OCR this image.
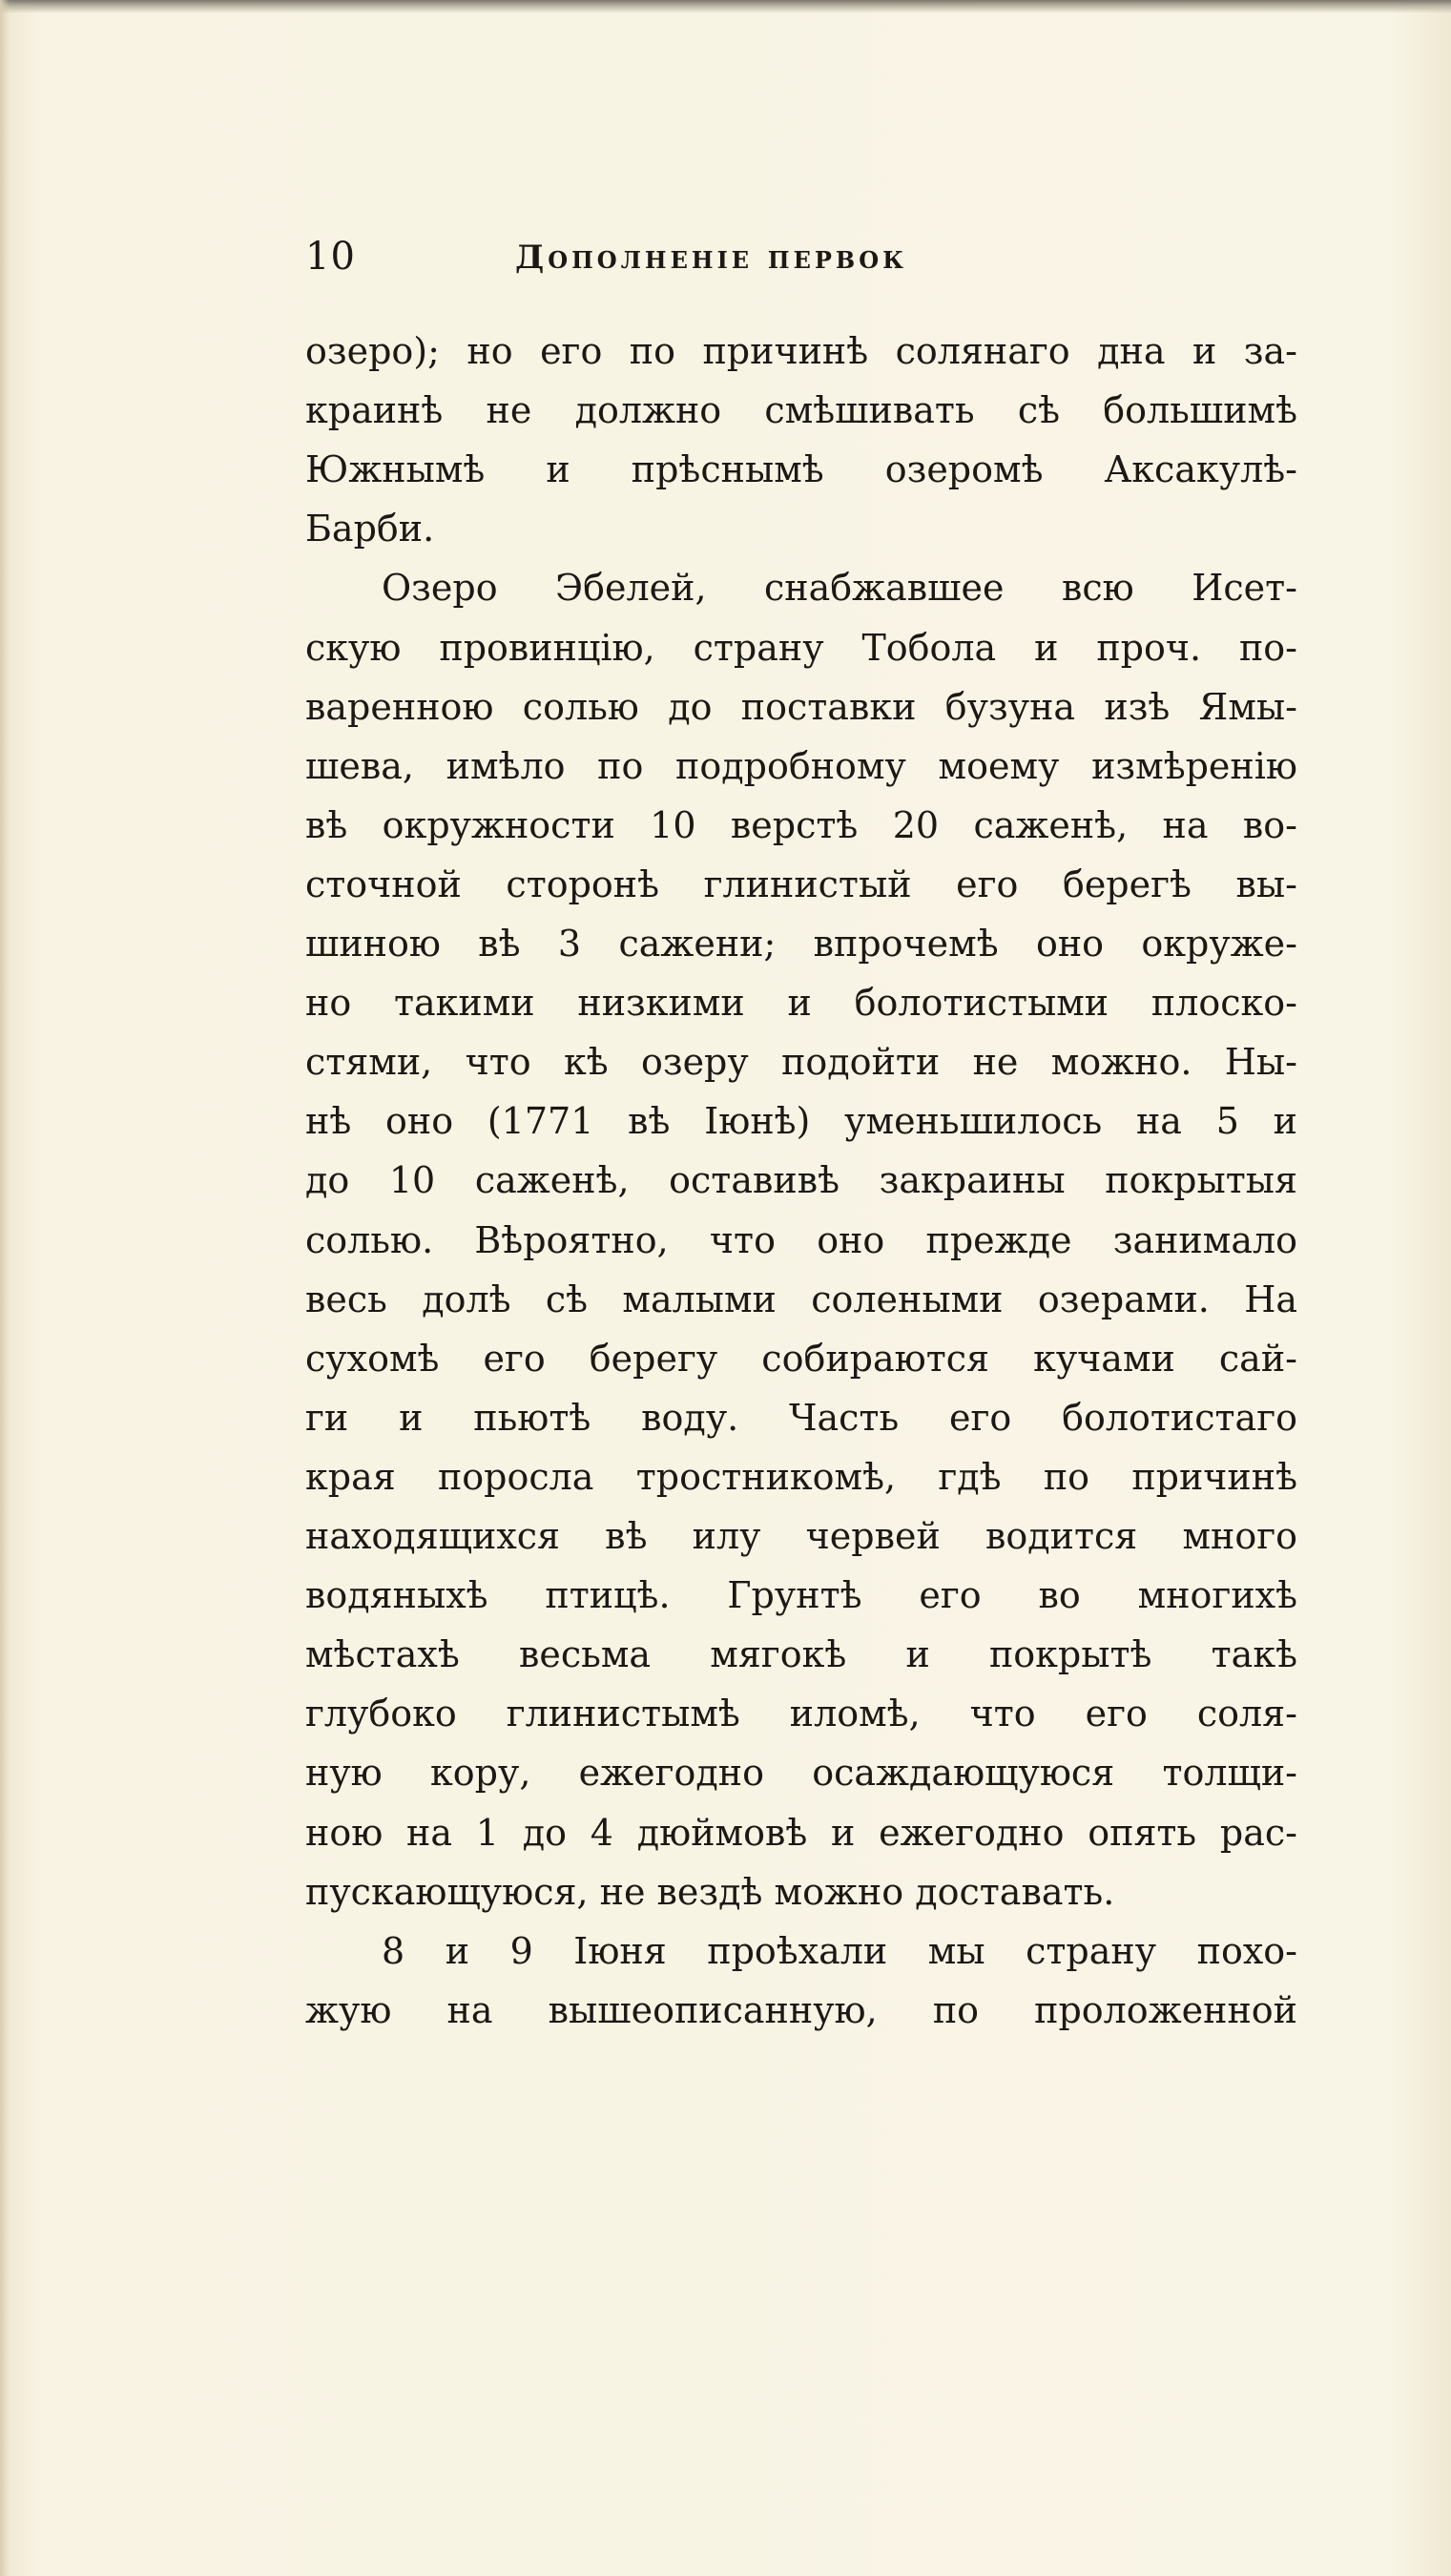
10	Дополненіе первок

озеро); но его по причинѣ солянаго дна и за-

краинѣ не должно смѣшивать сѣ большимѣ

Южнымѣ и прѣснымѣ озеромѣ Аксакулѣ-

Барби.

Озеро Эбелей, снабжавшее всю Исет-

скую провинцію, страну Тобола и проч. по-

варенною солью до поставки бузуна изѣ Ямы-

шева, имѣло по подробному моему измѣренію

вѣ окружности 10 верстѣ 20 саженѣ, на во-

сточной сторонѣ глинистый его берегѣ вы-

шиною вѣ 3 сажени; впрочемѣ оно окруже-

но такими низкими и болотистыми плоско-

стями, что кѣ озеру подойти не можно. Ны-

нѣ оно (1771 вѣ Іюнѣ) уменьшилось на 5 и

до 10 саженѣ, оставивѣ закраины покрытыя

солью. Вѣроятно, что оно прежде занимало

весь долѣ сѣ малыми солеными озерами. На

сухомѣ его берегу собираются кучами сай-

ги и пьютѣ воду. Часть его болотистаго

края поросла тростникомѣ, гдѣ по причинѣ

находящихся вѣ илу червей водится много

водяныхѣ птицѣ. Грунтѣ его во многихѣ

мѣстахѣ весьма мягокѣ и покрытѣ такѣ

глубоко глинистымѣ иломѣ, что его соля-

ную кору, ежегодно осаждающуюся толщи-

ною на 1 до 4 дюймовѣ и ежегодно опять рас-

пускающуюся, не вездѣ можно доставать.

8 и 9 Іюня проѣхали мы страну похо-

жую на вышеописанную, по проложенной
